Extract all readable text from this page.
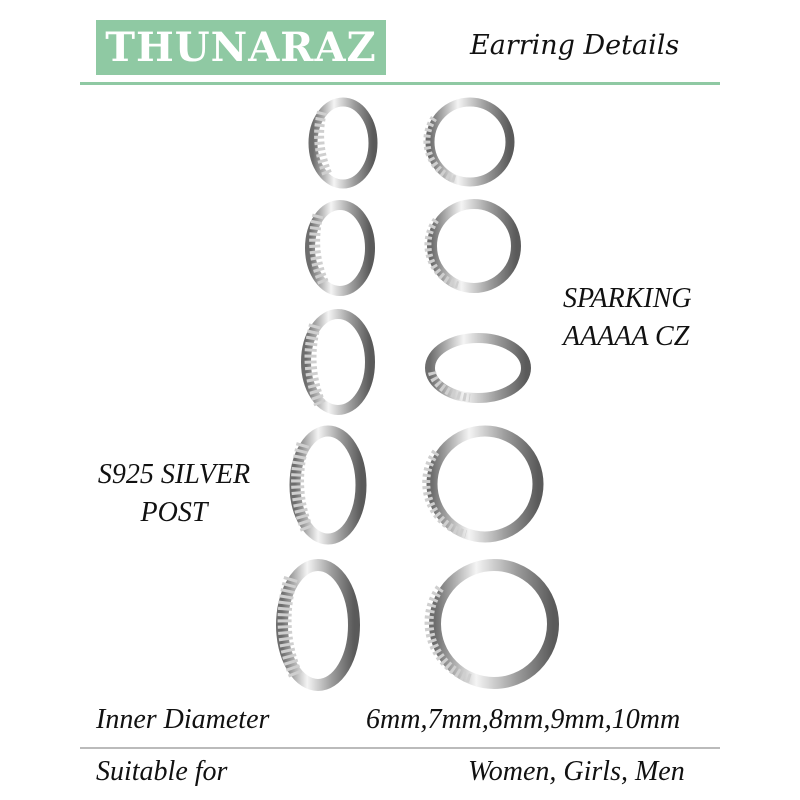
THUNARAZ	Earring Details
SPARKING
AAAAA CZ
S925 SILVER
POST
Inner Diameter	6mm,7mm,8mm,9mm,10mm
Suitable for	Women, Girls, Men
